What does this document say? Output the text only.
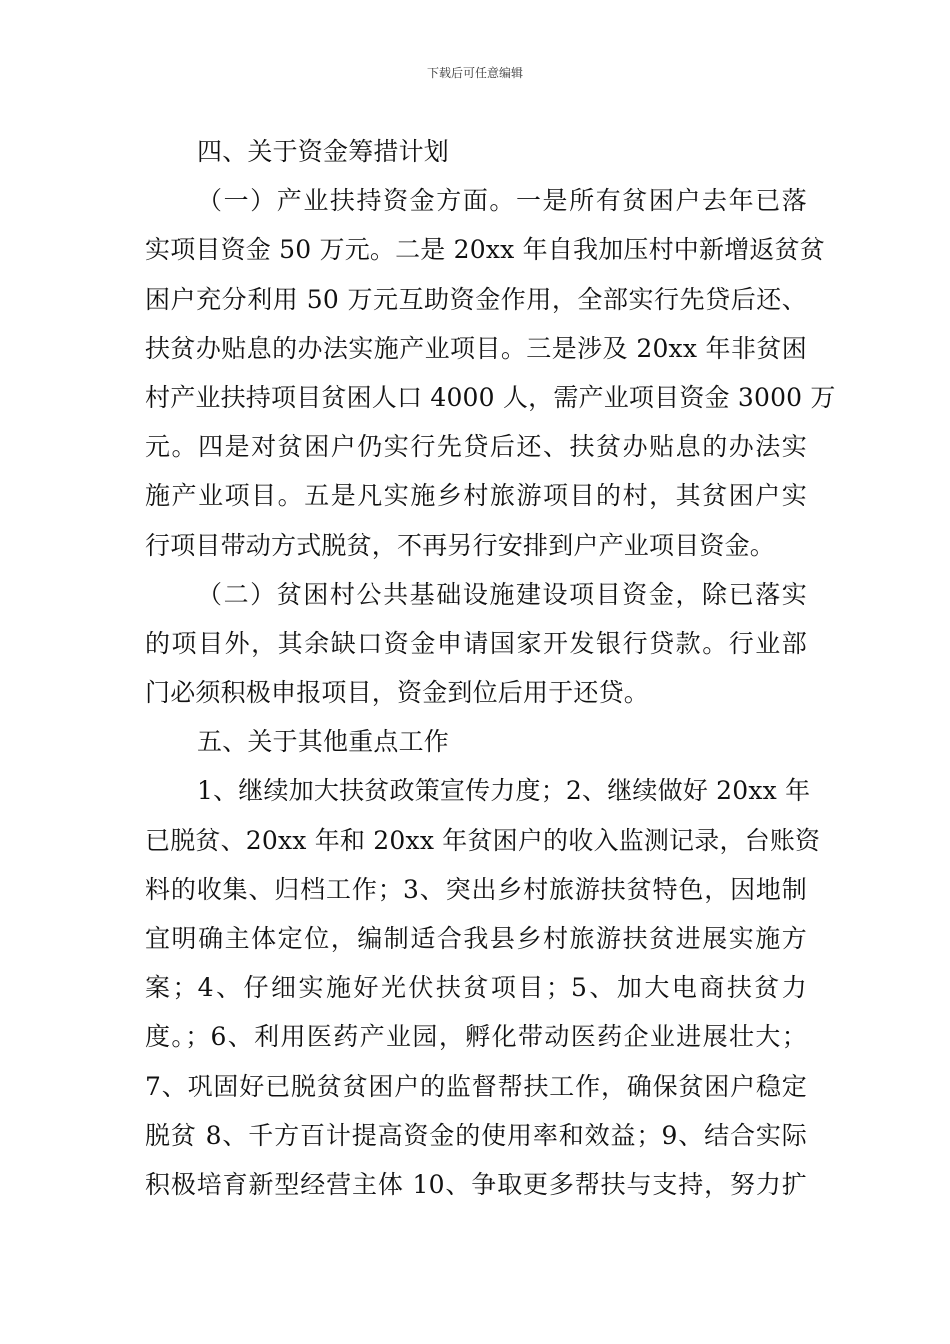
下载后可任意编辑
四、关于资金筹措计划
（一）产业扶持资金方面。一是所有贫困户去年已落
实项目资金 50 万元。二是 20xx 年自我加压村中新增返贫贫
困户充分利用 50 万元互助资金作用，全部实行先贷后还、
扶贫办贴息的办法实施产业项目。三是涉及 20xx 年非贫困
村产业扶持项目贫困人口 4000 人，需产业项目资金 3000 万
元。四是对贫困户仍实行先贷后还、扶贫办贴息的办法实
施产业项目。五是凡实施乡村旅游项目的村，其贫困户实
行项目带动方式脱贫，不再另行安排到户产业项目资金。
（二）贫困村公共基础设施建设项目资金，除已落实
的项目外，其余缺口资金申请国家开发银行贷款。行业部
门必须积极申报项目，资金到位后用于还贷。
五、关于其他重点工作
1、继续加大扶贫政策宣传力度；2、继续做好 20xx 年
已脱贫、20xx 年和 20xx 年贫困户的收入监测记录，台账资
料的收集、归档工作；3、突出乡村旅游扶贫特色，因地制
宜明确主体定位，编制适合我县乡村旅游扶贫进展实施方
案；4、仔细实施好光伏扶贫项目；5、加大电商扶贫力
度。；6、利用医药产业园，孵化带动医药企业进展壮大；
7、巩固好已脱贫贫困户的监督帮扶工作，确保贫困户稳定
脱贫 8、千方百计提高资金的使用率和效益；9、结合实际
积极培育新型经营主体 10、争取更多帮扶与支持，努力扩
